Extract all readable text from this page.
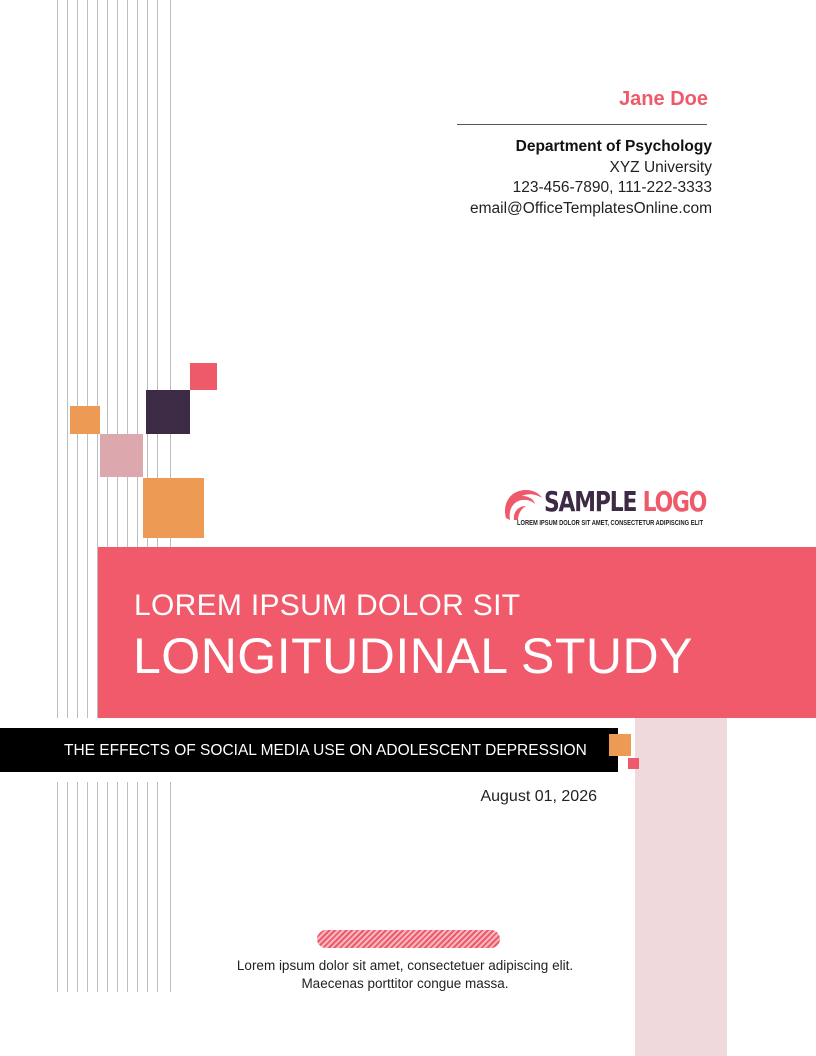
Jane Doe
Department of Psychology
XYZ University
123-456-7890, 111-222-3333
email@OfficeTemplatesOnline.com
SAMPLE LOGO
LOREM IPSUM DOLOR SIT AMET, CONSECTETUR ADIPISCING ELIT
LOREM IPSUM DOLOR SIT
LONGITUDINAL STUDY
THE EFFECTS OF SOCIAL MEDIA USE ON ADOLESCENT DEPRESSION
August 01, 2026
Lorem ipsum dolor sit amet, consectetuer adipiscing elit.
Maecenas porttitor congue massa.
